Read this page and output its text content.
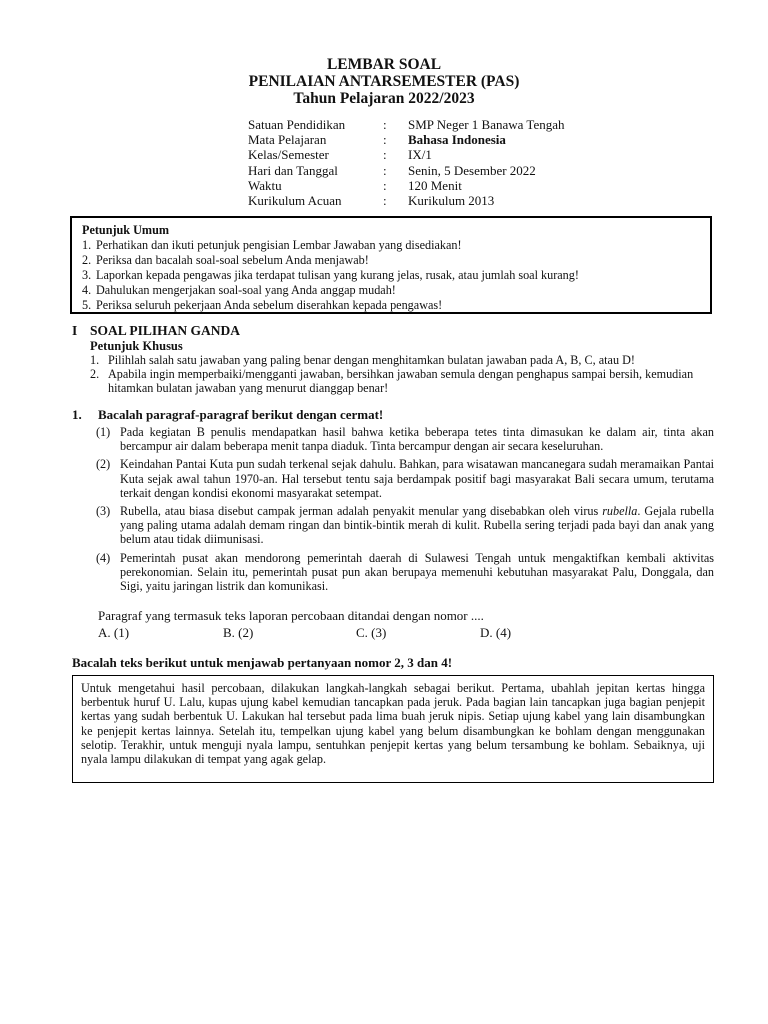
LEMBAR SOAL
PENILAIAN ANTARSEMESTER (PAS)
Tahun Pelajaran 2022/2023
Satuan Pendidikan	:	SMP Neger 1 Banawa Tengah
Mata Pelajaran	:	Bahasa Indonesia
Kelas/Semester	:	IX/1
Hari dan Tanggal	:	Senin, 5 Desember 2022
Waktu	:	120 Menit
Kurikulum Acuan	:	Kurikulum 2013
Petunjuk Umum
1. Perhatikan dan ikuti petunjuk pengisian Lembar Jawaban yang disediakan!
2. Periksa dan bacalah soal-soal sebelum Anda menjawab!
3. Laporkan kepada pengawas jika terdapat tulisan yang kurang jelas, rusak, atau jumlah soal kurang!
4. Dahulukan mengerjakan soal-soal yang Anda anggap mudah!
5. Periksa seluruh pekerjaan Anda sebelum diserahkan kepada pengawas!
I SOAL PILIHAN GANDA
Petunjuk Khusus
1. Pilihlah salah satu jawaban yang paling benar dengan menghitamkan bulatan jawaban pada A, B, C, atau D!
2. Apabila ingin memperbaiki/mengganti jawaban, bersihkan jawaban semula dengan penghapus sampai bersih, kemudian hitamkan bulatan jawaban yang menurut dianggap benar!
1.	Bacalah paragraf-paragraf berikut dengan cermat!
(1) Pada kegiatan B penulis mendapatkan hasil bahwa ketika beberapa tetes tinta dimasukan ke dalam air, tinta akan bercampur air dalam beberapa menit tanpa diaduk. Tinta bercampur dengan air secara keseluruhan.
(2) Keindahan Pantai Kuta pun sudah terkenal sejak dahulu. Bahkan, para wisatawan mancanegara sudah meramaikan Pantai Kuta sejak awal tahun 1970-an. Hal tersebut tentu saja berdampak positif bagi masyarakat Bali secara umum, terutama terkait dengan kondisi ekonomi masyarakat setempat.
(3) Rubella, atau biasa disebut campak jerman adalah penyakit menular yang disebabkan oleh virus rubella. Gejala rubella yang paling utama adalah demam ringan dan bintik-bintik merah di kulit. Rubella sering terjadi pada bayi dan anak yang belum atau tidak diimunisasi.
(4) Pemerintah pusat akan mendorong pemerintah daerah di Sulawesi Tengah untuk mengaktifkan kembali aktivitas perekonomian. Selain itu, pemerintah pusat pun akan berupaya memenuhi kebutuhan masyarakat Palu, Donggala, dan Sigi, yaitu jaringan listrik dan komunikasi.
Paragraf yang termasuk teks laporan percobaan ditandai dengan nomor ....
A. (1)	B. (2)	C. (3)	D. (4)
Bacalah teks berikut untuk menjawab pertanyaan nomor 2, 3 dan 4!
Untuk mengetahui hasil percobaan, dilakukan langkah-langkah sebagai berikut. Pertama, ubahlah jepitan kertas hingga berbentuk huruf U. Lalu, kupas ujung kabel kemudian tancapkan pada jeruk. Pada bagian lain tancapkan juga bagian penjepit kertas yang sudah berbentuk U. Lakukan hal tersebut pada lima buah jeruk nipis. Setiap ujung kabel yang lain disambungkan ke penjepit kertas lainnya. Setelah itu, tempelkan ujung kabel yang belum disambungkan ke bohlam dengan menggunakan selotip. Terakhir, untuk menguji nyala lampu, sentuhkan penjepit kertas yang belum tersambung ke bohlam. Sebaiknya, uji nyala lampu dilakukan di tempat yang agak gelap.
